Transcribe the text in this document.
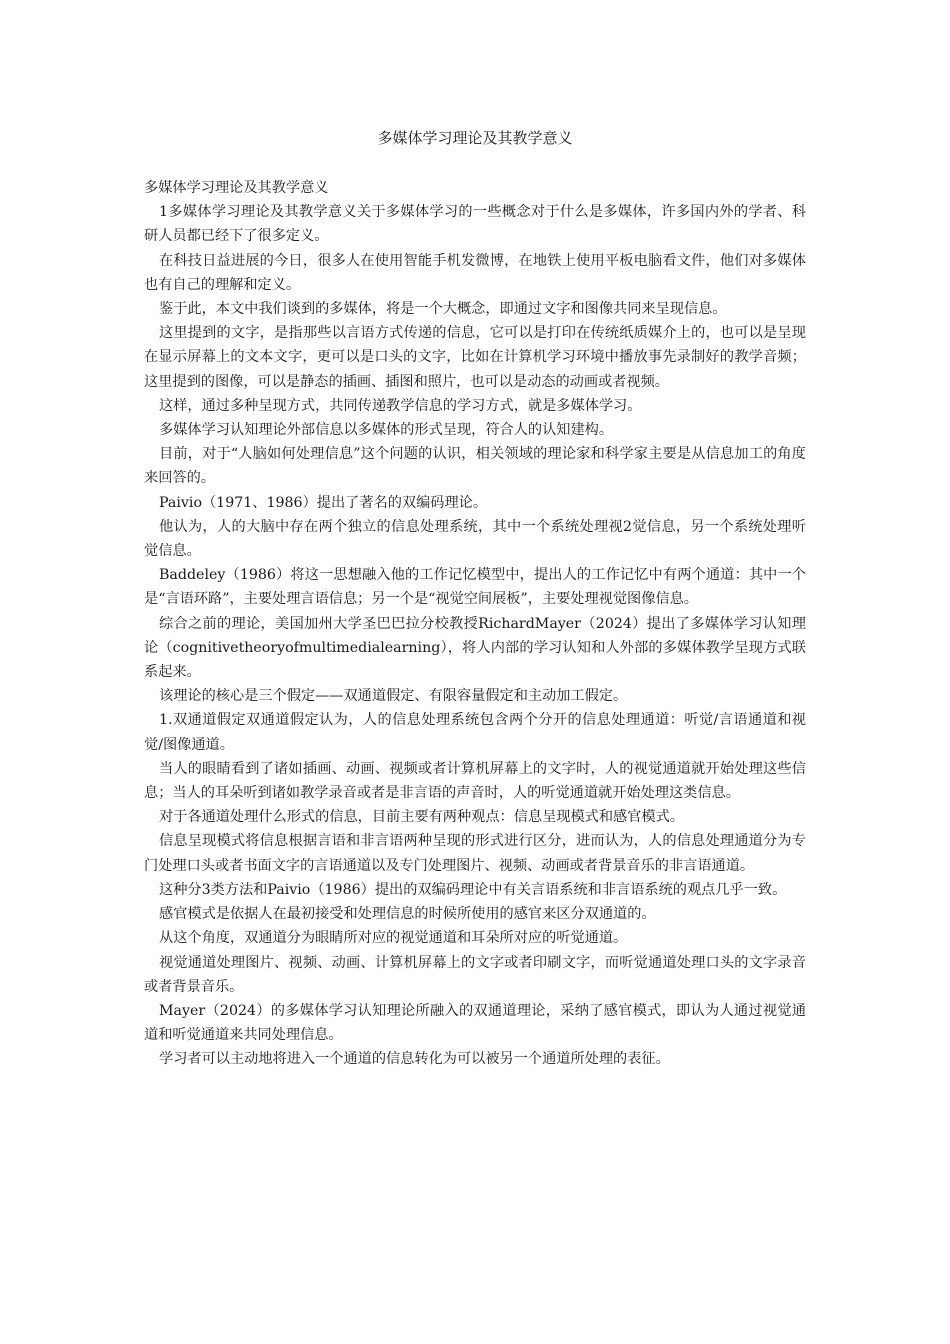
多媒体学习理论及其教学意义

多媒体学习理论及其教学意义

1多媒体学习理论及其教学意义关于多媒体学习的一些概念对于什么是多媒体，许多国内外的学者、科研人员都已经下了很多定义。

在科技日益进展的今日，很多人在使用智能手机发微博，在地铁上使用平板电脑看文件，他们对多媒体也有自己的理解和定义。

鉴于此，本文中我们谈到的多媒体，将是一个大概念，即通过文字和图像共同来呈现信息。

这里提到的文字，是指那些以言语方式传递的信息，它可以是打印在传统纸质媒介上的，也可以是呈现在显示屏幕上的文本文字，更可以是口头的文字，比如在计算机学习环境中播放事先录制好的教学音频；这里提到的图像，可以是静态的插画、插图和照片，也可以是动态的动画或者视频。

这样，通过多种呈现方式，共同传递教学信息的学习方式，就是多媒体学习。

多媒体学习认知理论外部信息以多媒体的形式呈现，符合人的认知建构。

目前，对于“人脑如何处理信息”这个问题的认识，相关领域的理论家和科学家主要是从信息加工的角度来回答的。

Paivio（1971、1986）提出了著名的双编码理论。

他认为，人的大脑中存在两个独立的信息处理系统，其中一个系统处理视2觉信息，另一个系统处理听觉信息。

Baddeley（1986）将这一思想融入他的工作记忆模型中，提出人的工作记忆中有两个通道：其中一个是“言语环路”，主要处理言语信息；另一个是“视觉空间展板”，主要处理视觉图像信息。

综合之前的理论，美国加州大学圣巴巴拉分校教授RichardMayer（2024）提出了多媒体学习认知理论（cognitivetheoryofmultimedialearning），将人内部的学习认知和人外部的多媒体教学呈现方式联系起来。

该理论的核心是三个假定——双通道假定、有限容量假定和主动加工假定。

1.双通道假定双通道假定认为，人的信息处理系统包含两个分开的信息处理通道：听觉/言语通道和视觉/图像通道。

当人的眼睛看到了诸如插画、动画、视频或者计算机屏幕上的文字时，人的视觉通道就开始处理这些信息；当人的耳朵听到诸如教学录音或者是非言语的声音时，人的听觉通道就开始处理这类信息。

对于各通道处理什么形式的信息，目前主要有两种观点：信息呈现模式和感官模式。

信息呈现模式将信息根据言语和非言语两种呈现的形式进行区分，进而认为，人的信息处理通道分为专门处理口头或者书面文字的言语通道以及专门处理图片、视频、动画或者背景音乐的非言语通道。

这种分3类方法和Paivio（1986）提出的双编码理论中有关言语系统和非言语系统的观点几乎一致。

感官模式是依据人在最初接受和处理信息的时候所使用的感官来区分双通道的。

从这个角度，双通道分为眼睛所对应的视觉通道和耳朵所对应的听觉通道。

视觉通道处理图片、视频、动画、计算机屏幕上的文字或者印刷文字，而听觉通道处理口头的文字录音或者背景音乐。

Mayer（2024）的多媒体学习认知理论所融入的双通道理论，采纳了感官模式，即认为人通过视觉通道和听觉通道来共同处理信息。

学习者可以主动地将进入一个通道的信息转化为可以被另一个通道所处理的表征。
